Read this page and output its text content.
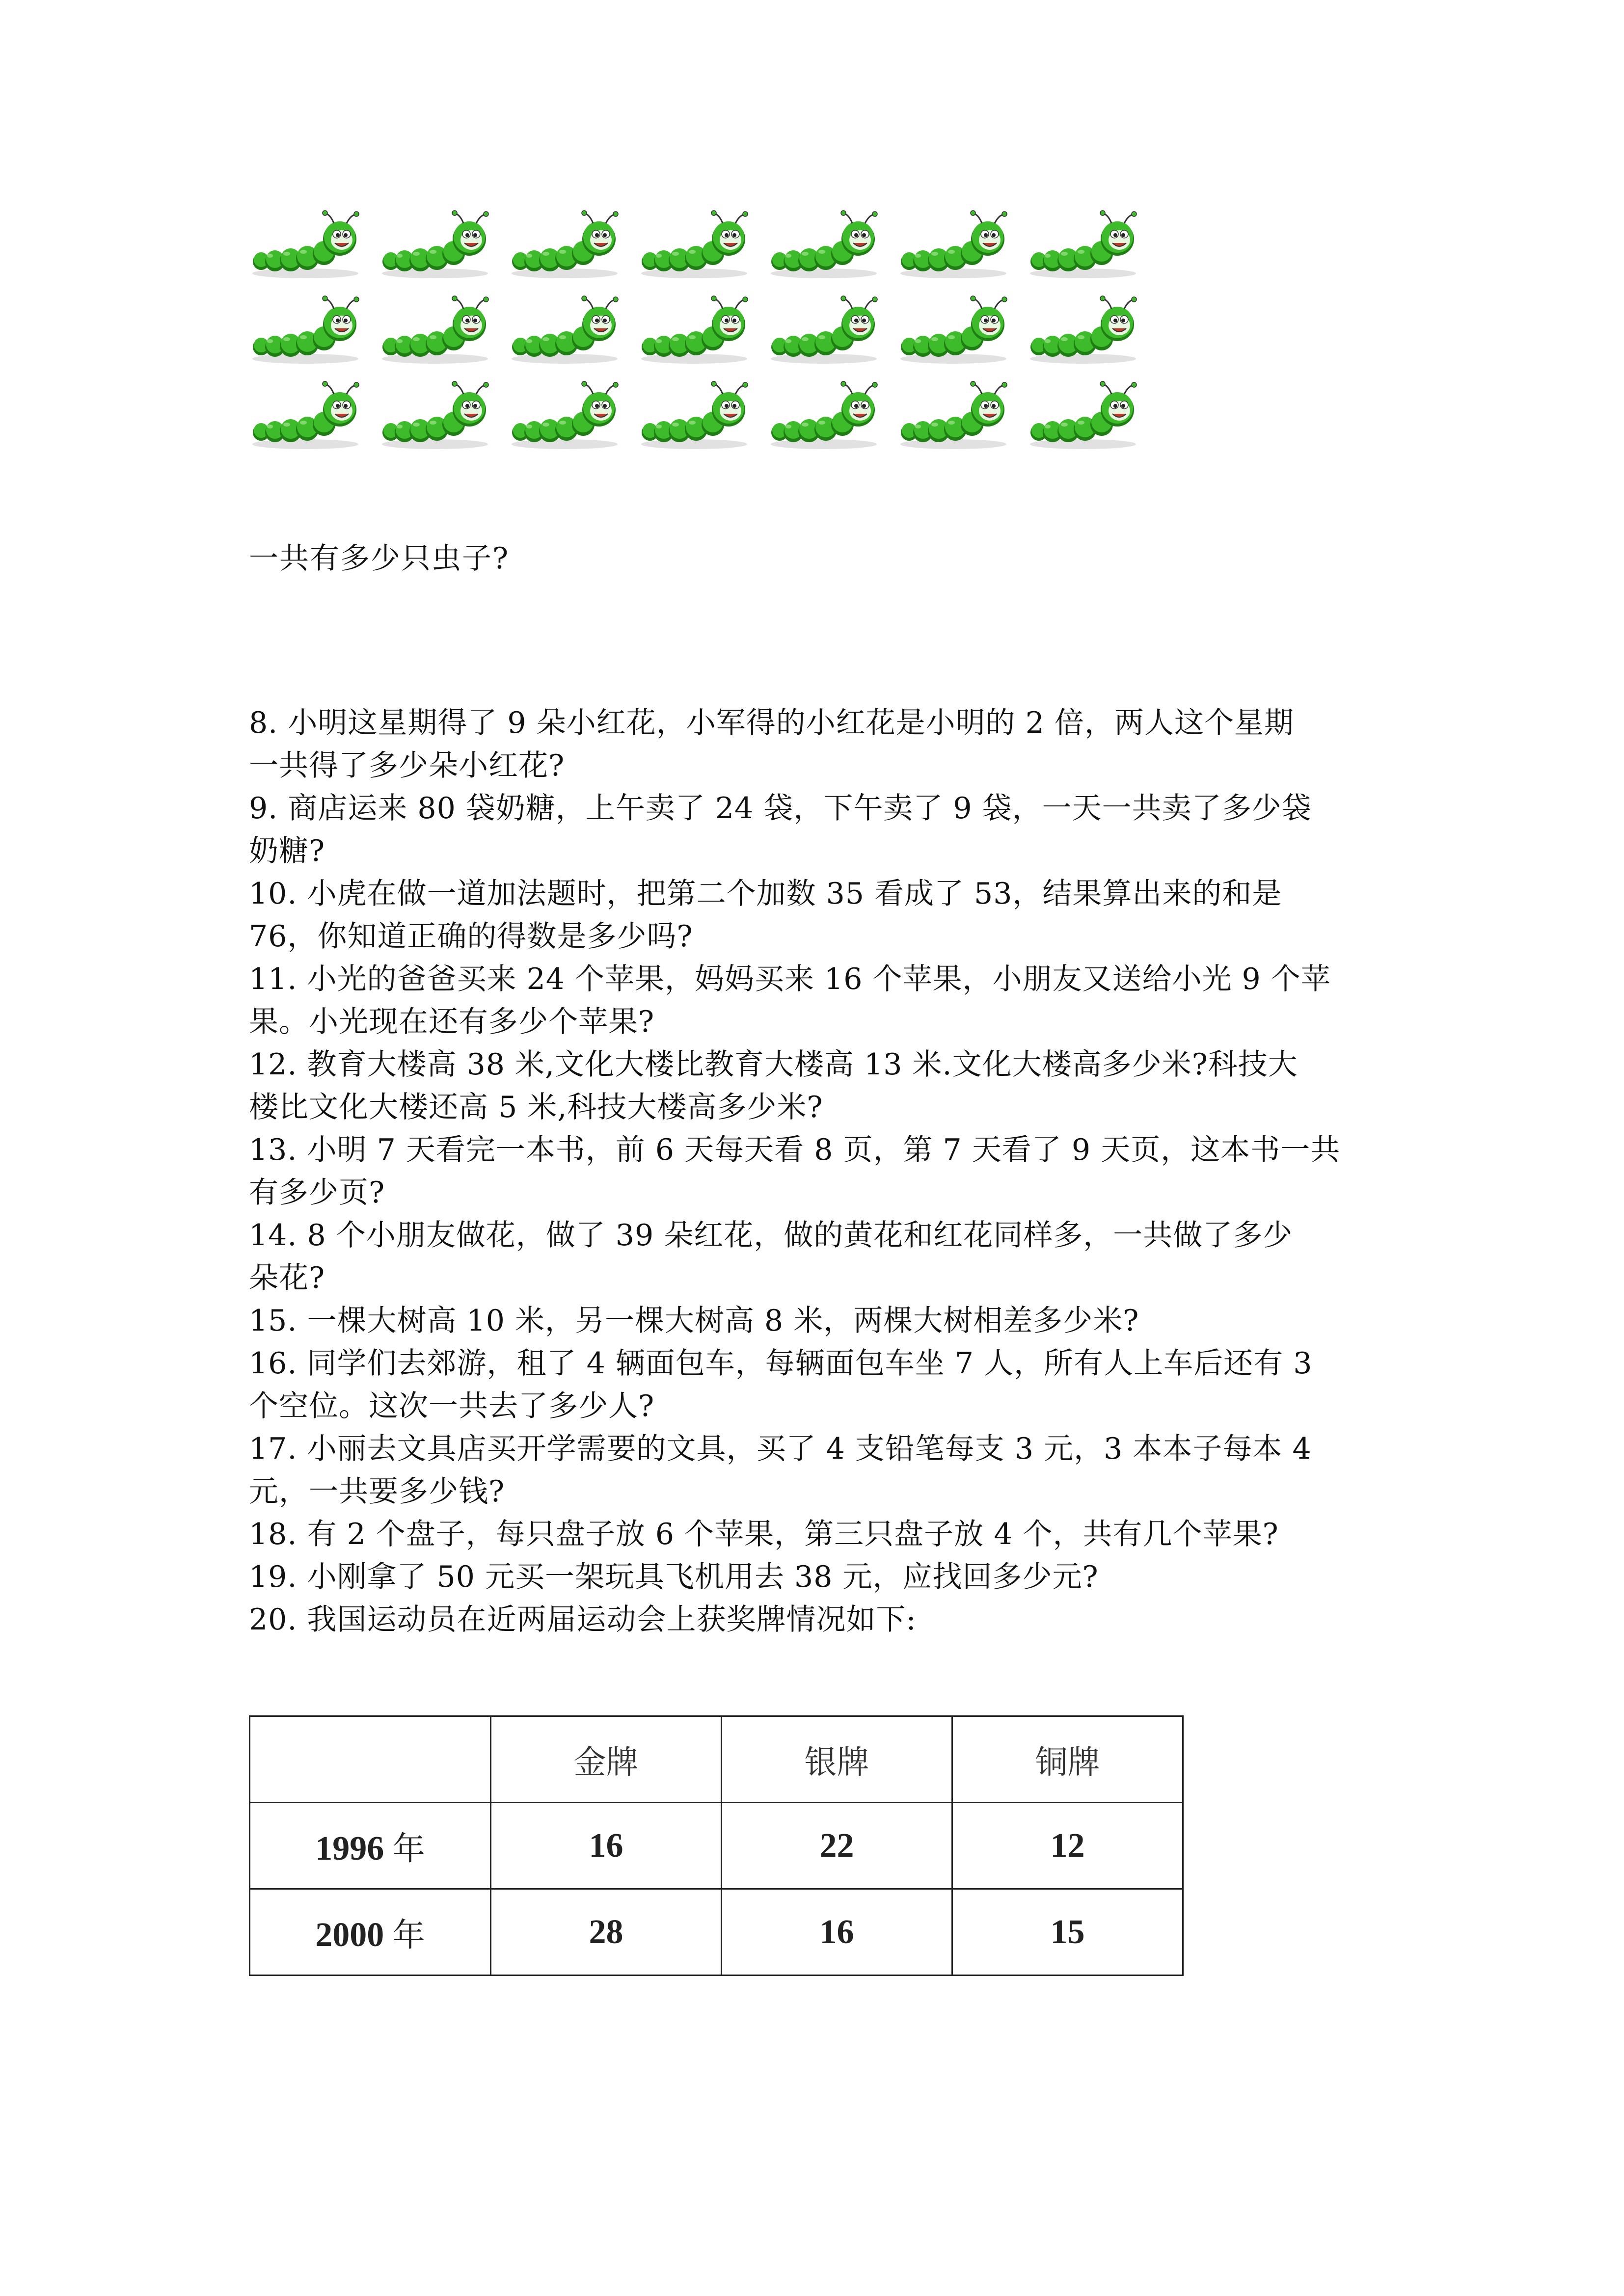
一共有多少只虫子?
8. 小明这星期得了 9 朵小红花，小军得的小红花是小明的 2 倍，两人这个星期
一共得了多少朵小红花?
9. 商店运来 80 袋奶糖，上午卖了 24 袋，下午卖了 9 袋，一天一共卖了多少袋
奶糖?
10. 小虎在做一道加法题时，把第二个加数 35 看成了 53，结果算出来的和是
76，你知道正确的得数是多少吗?
11. 小光的爸爸买来 24 个苹果，妈妈买来 16 个苹果，小朋友又送给小光 9 个苹
果。小光现在还有多少个苹果?
12. 教育大楼高 38 米,文化大楼比教育大楼高 13 米.文化大楼高多少米?科技大
楼比文化大楼还高 5 米,科技大楼高多少米?
13. 小明 7 天看完一本书，前 6 天每天看 8 页，第 7 天看了 9 天页，这本书一共
有多少页?
14. 8 个小朋友做花，做了 39 朵红花，做的黄花和红花同样多，一共做了多少
朵花?
15. 一棵大树高 10 米，另一棵大树高 8 米，两棵大树相差多少米?
16. 同学们去郊游，租了 4 辆面包车，每辆面包车坐 7 人，所有人上车后还有 3
个空位。这次一共去了多少人?
17. 小丽去文具店买开学需要的文具，买了 4 支铅笔每支 3 元，3 本本子每本 4
元，一共要多少钱?
18. 有 2 个盘子，每只盘子放 6 个苹果，第三只盘子放 4 个，共有几个苹果?
19. 小刚拿了 50 元买一架玩具飞机用去 38 元，应找回多少元?
20. 我国运动员在近两届运动会上获奖牌情况如下:
	金牌	银牌	铜牌
1996 年	16	22	12
2000 年	28	16	15
